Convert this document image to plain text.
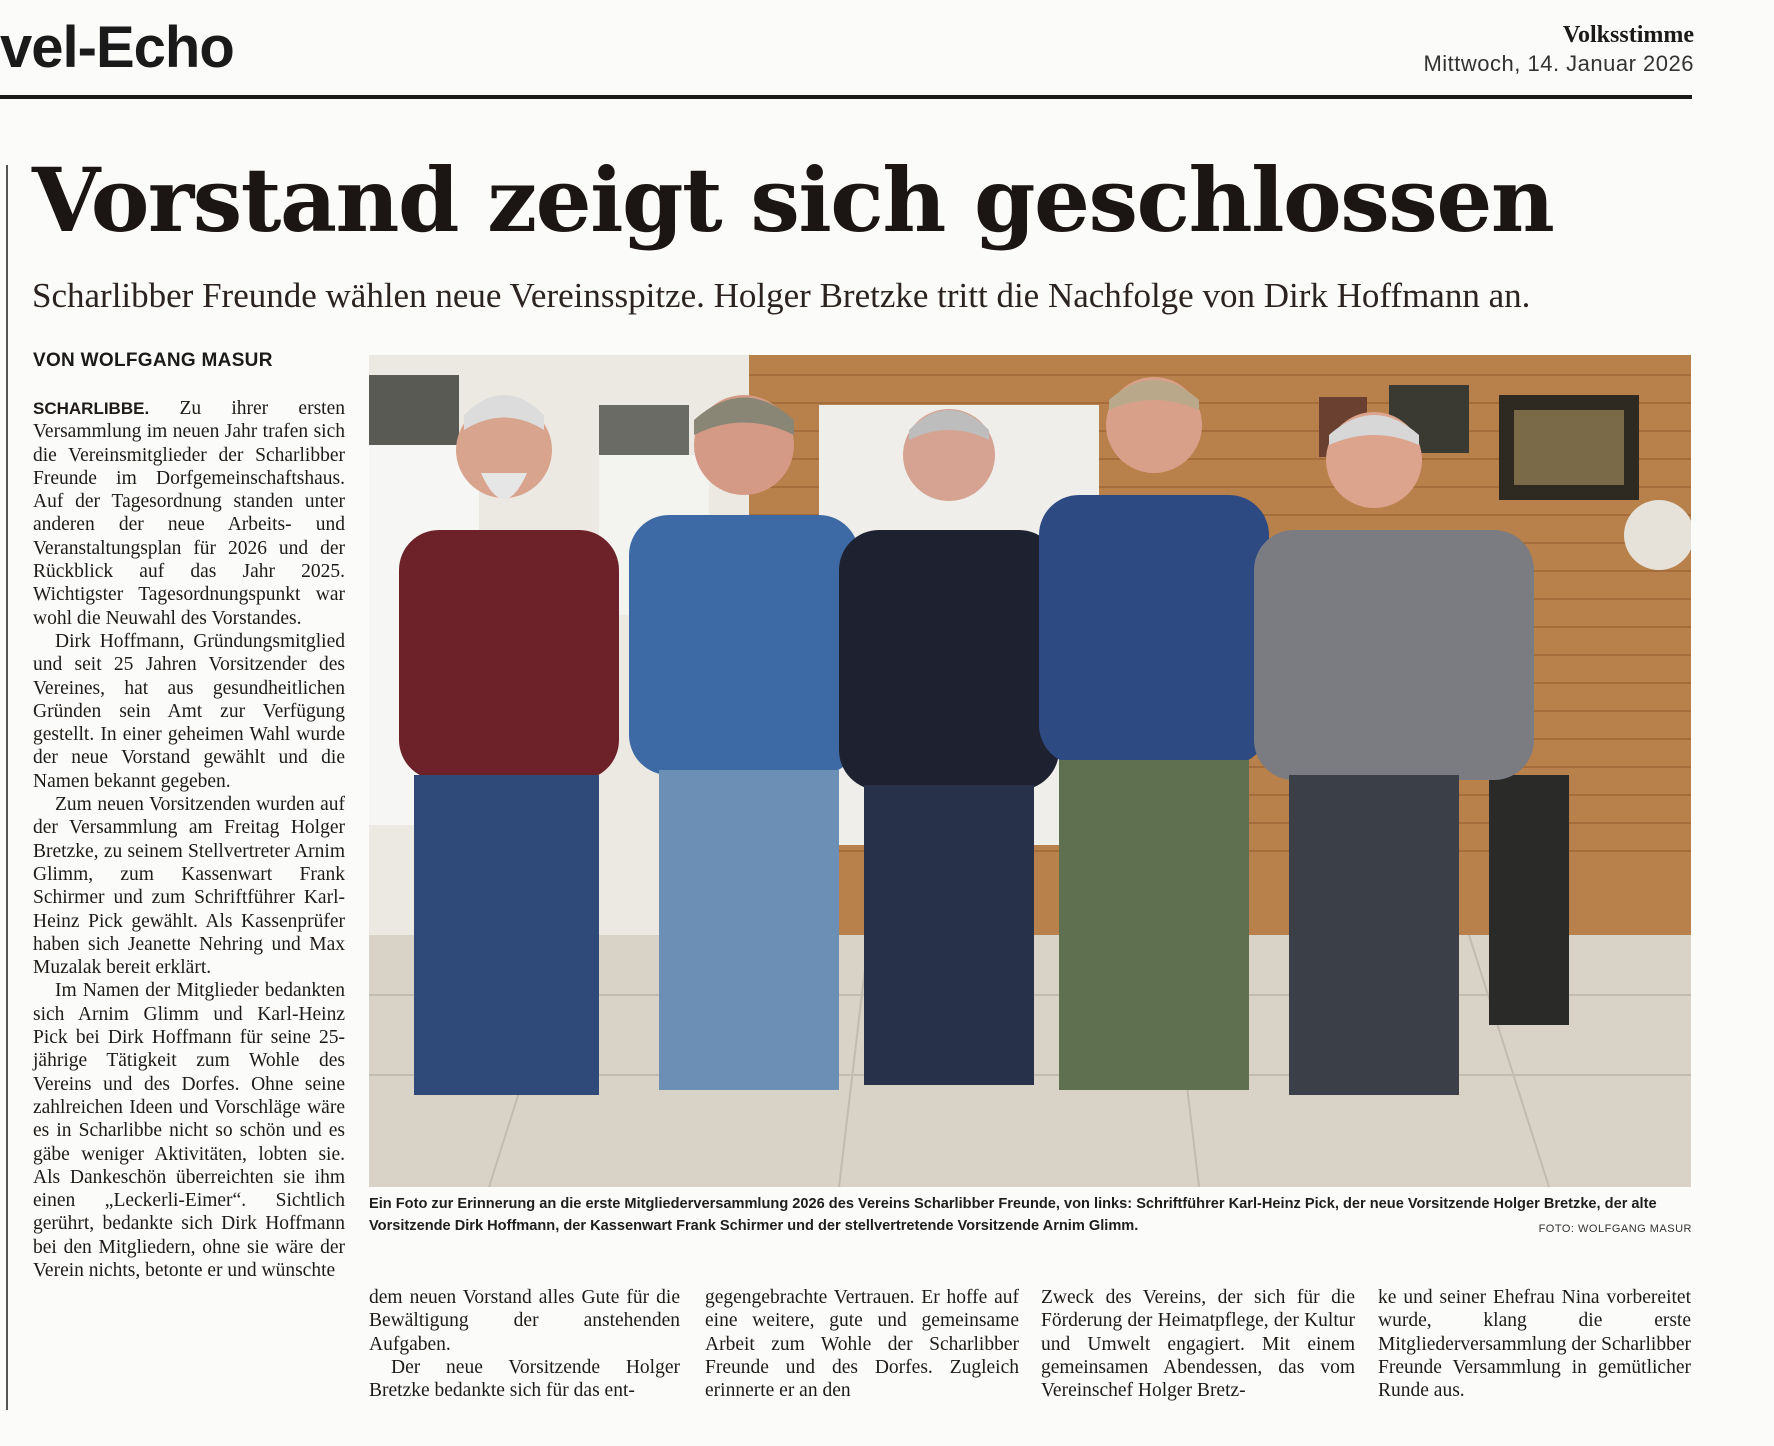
vel-Echo	Volksstimme
Mittwoch, 14. Januar 2026
Vorstand zeigt sich geschlossen
Scharlibber Freunde wählen neue Vereinsspitze. Holger Bretzke tritt die Nachfolge von Dirk Hoffmann an.
VON WOLFGANG MASUR

SCHARLIBBE. Zu ihrer ersten Versammlung im neuen Jahr trafen sich die Vereinsmitglieder der Scharlibber Freunde im Dorfgemeinschaftshaus. Auf der Tagesordnung standen unter anderen der neue Arbeits- und Veranstaltungsplan für 2026 und der Rückblick auf das Jahr 2025. Wichtigster Tagesordnungspunkt war wohl die Neuwahl des Vorstandes.

Dirk Hoffmann, Gründungsmitglied und seit 25 Jahren Vorsitzender des Vereines, hat aus gesundheitlichen Gründen sein Amt zur Verfügung gestellt. In einer geheimen Wahl wurde der neue Vorstand gewählt und die Namen bekannt gegeben.

Zum neuen Vorsitzenden wurden auf der Versammlung am Freitag Holger Bretzke, zu seinem Stellvertreter Arnim Glimm, zum Kassenwart Frank Schirmer und zum Schriftführer Karl-Heinz Pick gewählt. Als Kassenprüfer haben sich Jeanette Nehring und Max Muzalak bereit erklärt.

Im Namen der Mitglieder bedankten sich Arnim Glimm und Karl-Heinz Pick bei Dirk Hoffmann für seine 25-jährige Tätigkeit zum Wohle des Vereins und des Dorfes. Ohne seine zahlreichen Ideen und Vorschläge wäre es in Scharlibbe nicht so schön und es gäbe weniger Aktivitäten, lobten sie. Als Dankeschön überreichten sie ihm einen „Leckerli-Eimer“. Sichtlich gerührt, bedankte sich Dirk Hoffmann bei den Mitgliedern, ohne sie wäre der Verein nichts, betonte er und wünschte

Ein Foto zur Erinnerung an die erste Mitgliederversammlung 2026 des Vereins Scharlibber Freunde, von links: Schriftführer Karl-Heinz Pick, der neue Vorsitzende Holger Bretzke, der alte Vorsitzende Dirk Hoffmann, der Kassenwart Frank Schirmer und der stellvertretende Vorsitzende Arnim Glimm.	FOTO: WOLFGANG MASUR

dem neuen Vorstand alles Gute für die Bewältigung der anstehenden Aufgaben.

Der neue Vorsitzende Holger Bretzke bedankte sich für das ent-

gegengebrachte Vertrauen. Er hoffe auf eine weitere, gute und gemeinsame Arbeit zum Wohle der Scharlibber Freunde und des Dorfes. Zugleich erinnerte er an den

Zweck des Vereins, der sich für die Förderung der Heimatpflege, der Kultur und Umwelt engagiert. Mit einem gemeinsamen Abendessen, das vom Vereinschef Holger Bretz-

ke und seiner Ehefrau Nina vorbereitet wurde, klang die erste Mitgliederversammlung der Scharlibber Freunde Versammlung in gemütlicher Runde aus.
